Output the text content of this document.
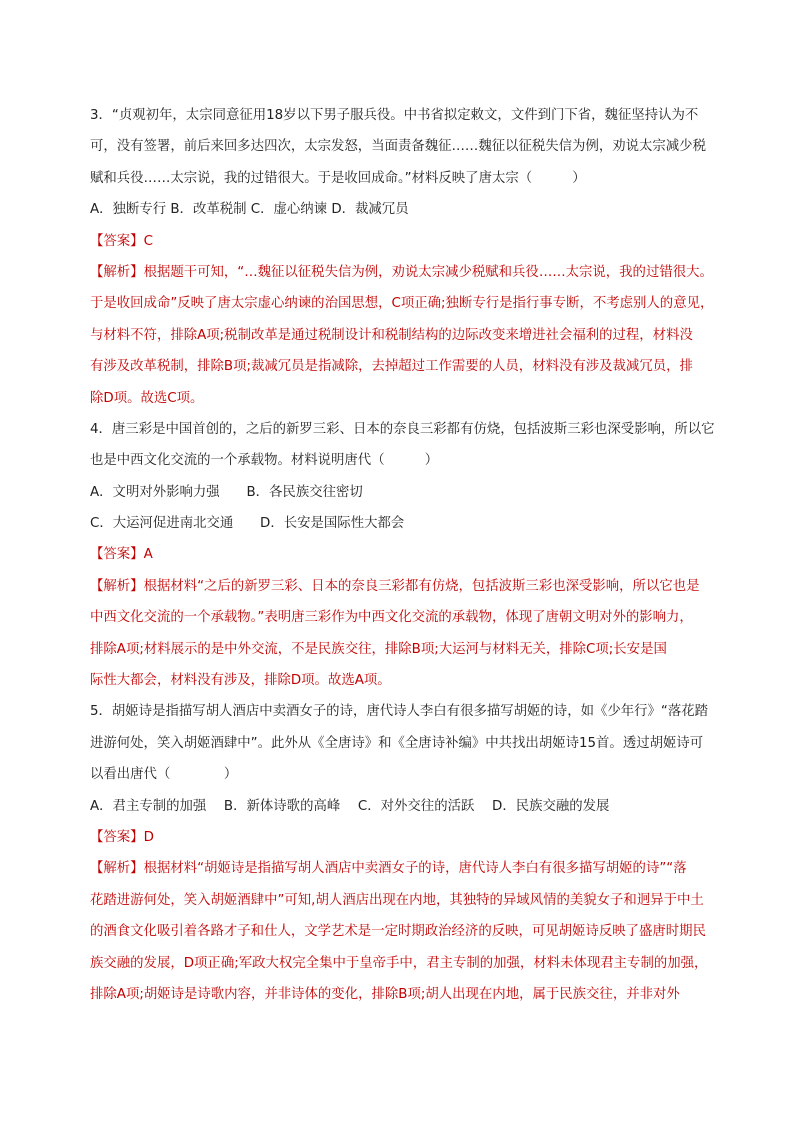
3．“贞观初年，太宗同意征用18岁以下男子服兵役。中书省拟定敕文，文件到门下省，魏征坚持认为不
可，没有签署，前后来回多达四次，太宗发怒，当面责备魏征……魏征以征税失信为例，劝说太宗减少税
赋和兵役……太宗说，我的过错很大。于是收回成命。”材料反映了唐太宗（　　　）
A．独断专行 B．改革税制 C．虚心纳谏 D．裁减冗员
【答案】C
【解析】根据题干可知，“…魏征以征税失信为例，劝说太宗减少税赋和兵役……太宗说，我的过错很大。
于是收回成命”反映了唐太宗虚心纳谏的治国思想，C项正确;独断专行是指行事专断，不考虑别人的意见，
与材料不符，排除A项;税制改革是通过税制设计和税制结构的边际改变来增进社会福利的过程，材料没
有涉及改革税制，排除B项;裁减冗员是指减除，去掉超过工作需要的人员，材料没有涉及裁减冗员，排
除D项。故选C项。
4．唐三彩是中国首创的，之后的新罗三彩、日本的奈良三彩都有仿烧，包括波斯三彩也深受影响，所以它
也是中西文化交流的一个承载物。材料说明唐代（　　　）
A．文明对外影响力强　　B．各民族交往密切
C．大运河促进南北交通　　D．长安是国际性大都会
【答案】A
【解析】根据材料“之后的新罗三彩、日本的奈良三彩都有仿烧，包括波斯三彩也深受影响，所以它也是
中西文化交流的一个承载物。”表明唐三彩作为中西文化交流的承载物，体现了唐朝文明对外的影响力，
排除A项;材料展示的是中外交流，不是民族交往，排除B项;大运河与材料无关，排除C项;长安是国
际性大都会，材料没有涉及，排除D项。故选A项。
5．胡姬诗是指描写胡人酒店中卖酒女子的诗，唐代诗人李白有很多描写胡姬的诗，如《少年行》“落花踏
进游何处，笑入胡姬酒肆中”。此外从《全唐诗》和《全唐诗补编》中共找出胡姬诗15首。透过胡姬诗可
以看出唐代（　　　　）
A．君主专制的加强　 B．新体诗歌的高峰　 C．对外交往的活跃　 D．民族交融的发展
【答案】D
【解析】根据材料“胡姬诗是指描写胡人酒店中卖酒女子的诗，唐代诗人李白有很多描写胡姬的诗”“落
花踏进游何处，笑入胡姬酒肆中”可知,胡人酒店出现在内地，其独特的异域风情的美貌女子和迥异于中土
的酒食文化吸引着各路才子和仕人，文学艺术是一定时期政治经济的反映，可见胡姬诗反映了盛唐时期民
族交融的发展，D项正确;军政大权完全集中于皇帝手中，君主专制的加强，材料未体现君主专制的加强，
排除A项;胡姬诗是诗歌内容，并非诗体的变化，排除B项;胡人出现在内地，属于民族交往，并非对外
